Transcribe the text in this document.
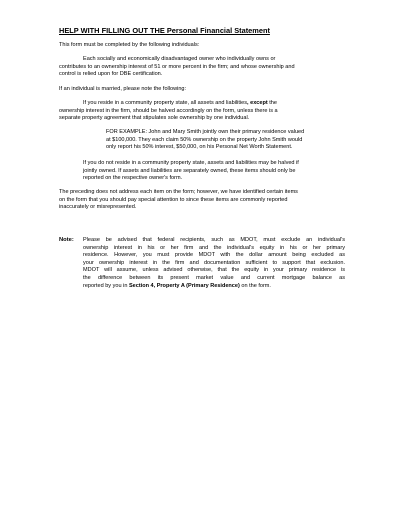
HELP WITH FILLING OUT THE Personal Financial Statement

This form must be completed by the following individuals:

Each socially and economically disadvantaged owner who individually owns or
contributes to an ownership interest of 51 or more percent in the firm; and whose ownership and
control is relied upon for DBE certification.

If an individual is married, please note the following:

If you reside in a community property state, all assets and liabilities, except the
ownership interest in the firm, should be halved accordingly on the form, unless there is a
separate property agreement that stipulates sole ownership by one individual.
FOR EXAMPLE: John and Mary Smith jointly own their primary residence valued
at $100,000. They each claim 50% ownership on the property John Smith would
only report his 50% interest, $50,000, on his Personal Net Worth Statement.
If you do not reside in a community property state, assets and liabilities may be halved if
jointly owned. If assets and liabilities are separately owned, these items should only be
reported on the respective owner's form.
The preceding does not address each item on the form; however, we have identified certain items
on the form that you should pay special attention to since these items are commonly reported
inaccurately or misrepresented.
Note: Please be advised that federal recipients, such as MDOT, must exclude an individual's
ownership interest in his or her firm and the individual's equity in his or her primary
residence. However, you must provide MDOT with the dollar amount being excluded as
your ownership interest in the firm and documentation sufficient to support that exclusion.
MDOT will assume, unless advised otherwise, that the equity in your primary residence is
the difference between its present market value and current mortgage balance as
reported by you in Section 4, Property A (Primary Residence) on the form.
